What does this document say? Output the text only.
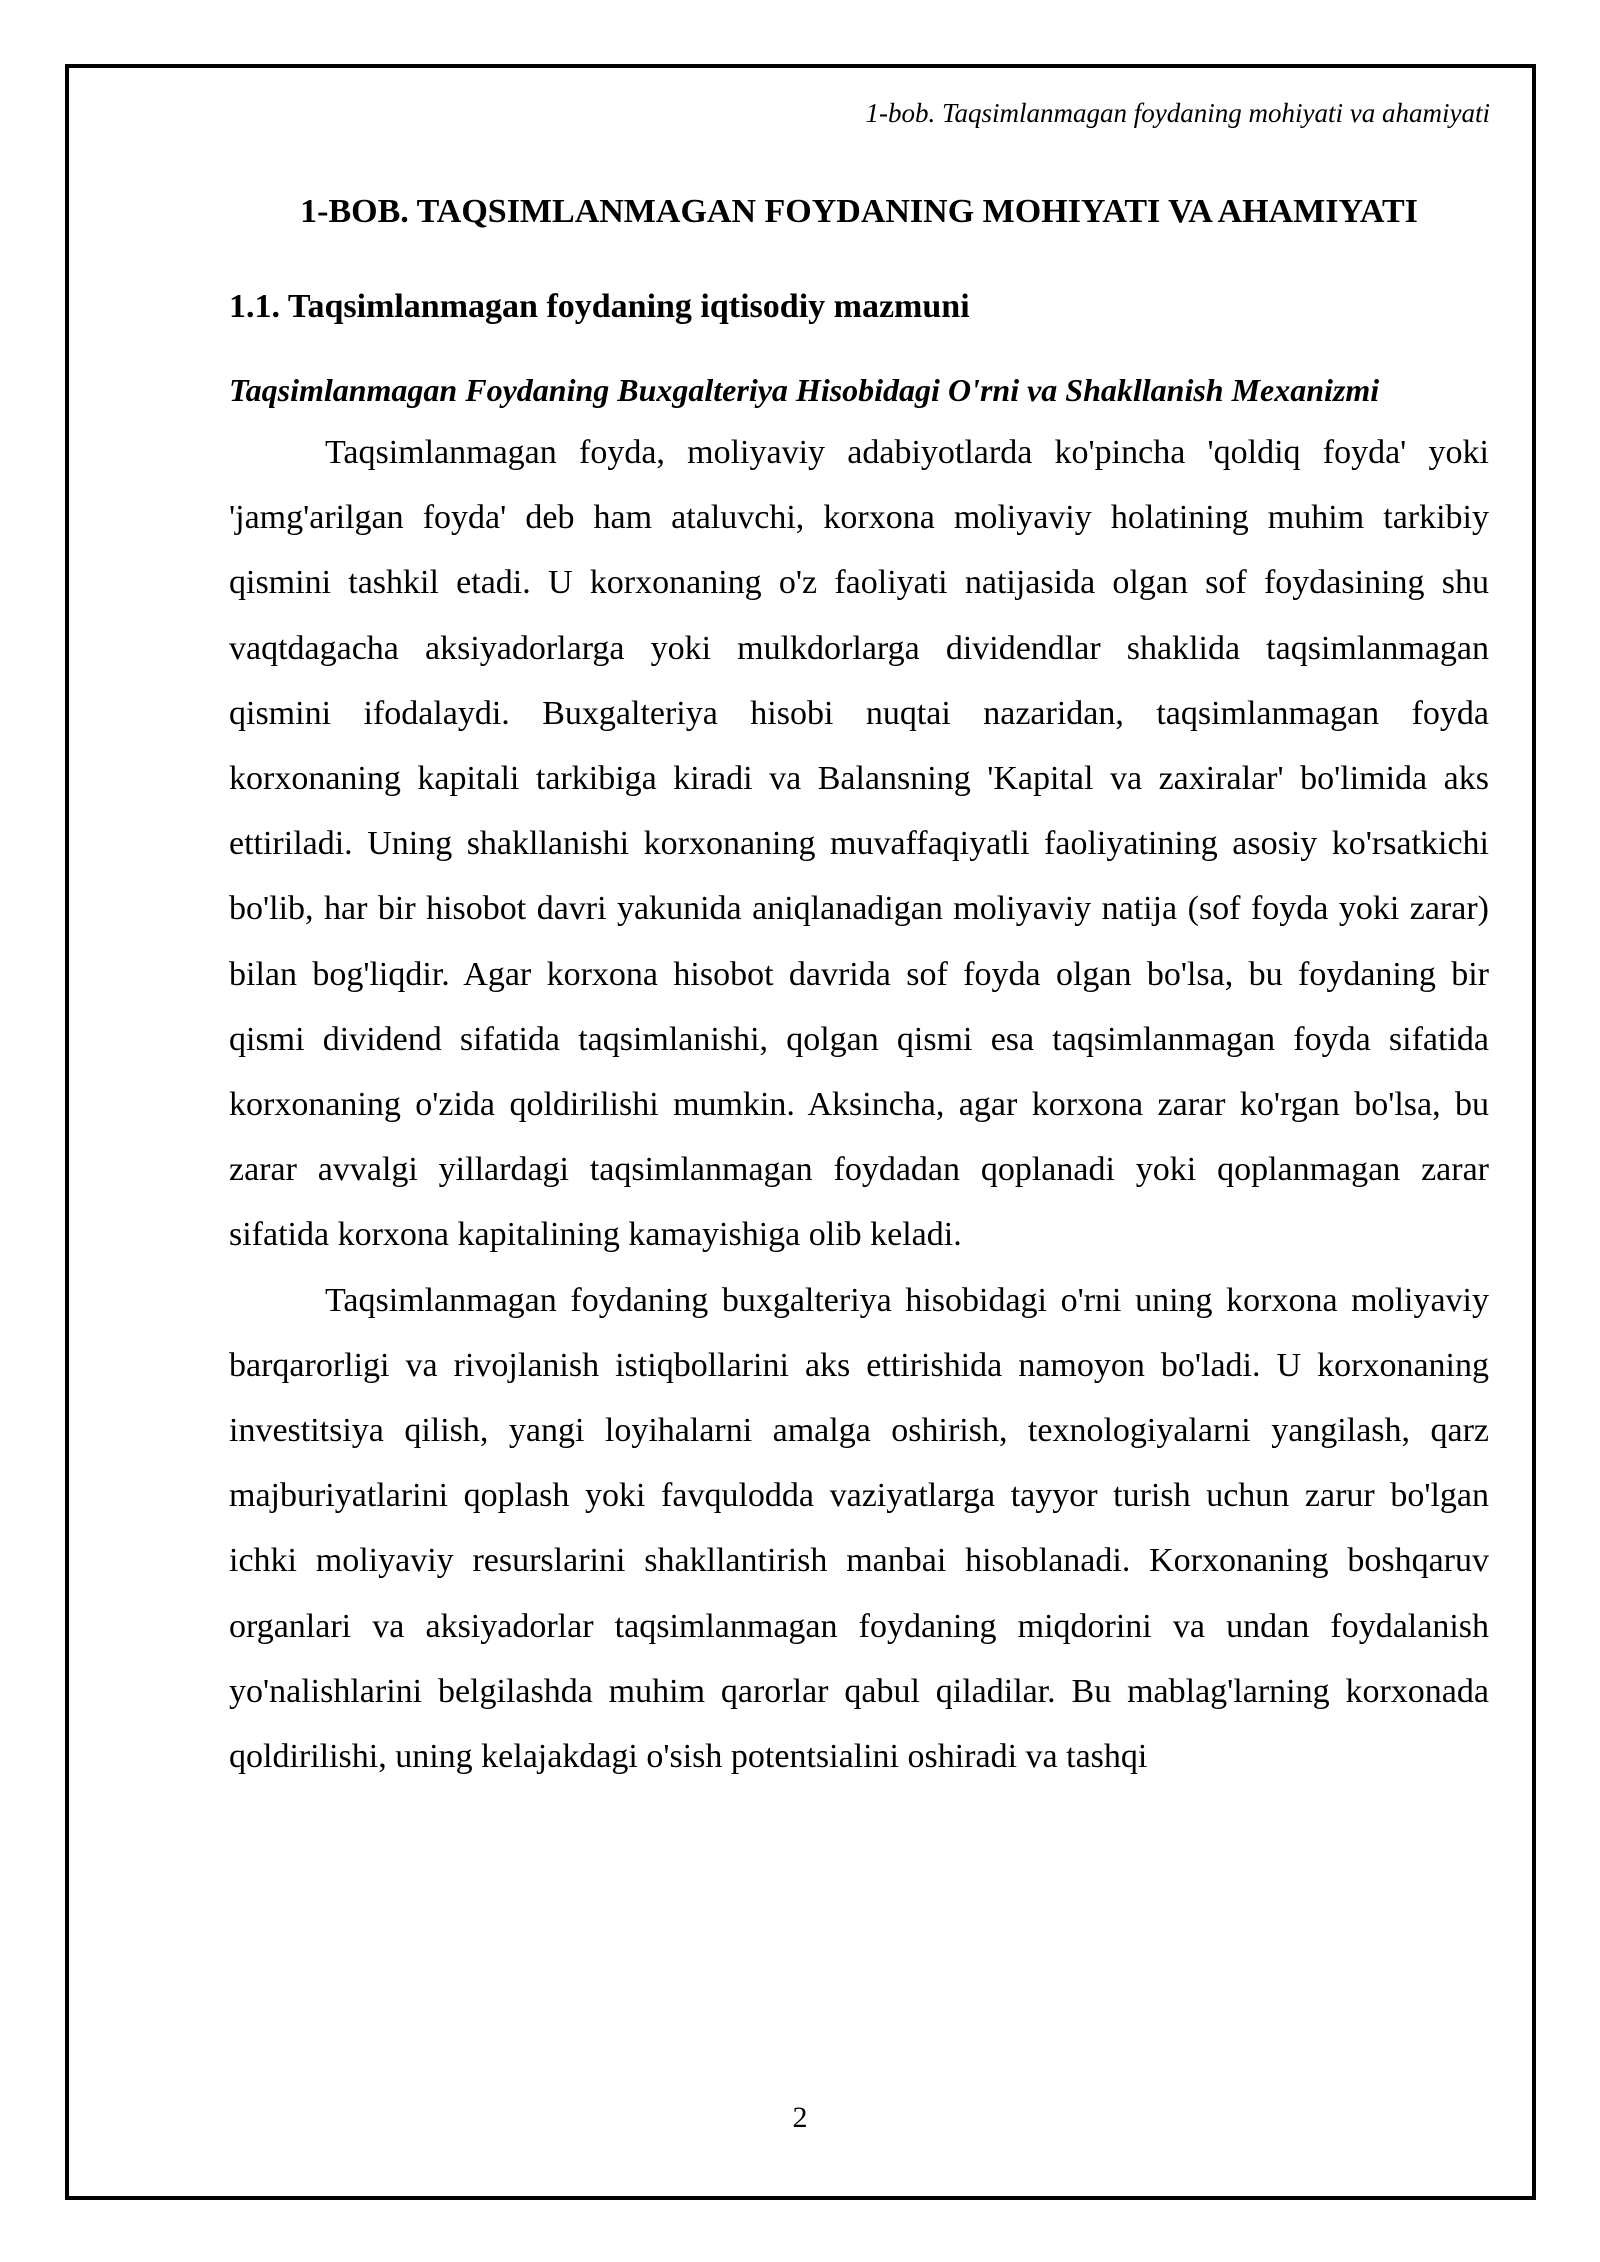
1-bob. Taqsimlanmagan foydaning mohiyati va ahamiyati
1-BOB. TAQSIMLANMAGAN FOYDANING MOHIYATI VA AHAMIYATI
1.1. Taqsimlanmagan foydaning iqtisodiy mazmuni
Taqsimlanmagan Foydaning Buxgalteriya Hisobidagi O'rni va Shakllanish Mexanizmi

Taqsimlanmagan foyda, moliyaviy adabiyotlarda ko'pincha 'qoldiq foyda' yoki 'jamg'arilgan foyda' deb ham ataluvchi, korxona moliyaviy holatining muhim tarkibiy qismini tashkil etadi. U korxonaning o'z faoliyati natijasida olgan sof foydasining shu vaqtdagacha aksiyadorlarga yoki mulkdorlarga dividendlar shaklida taqsimlanmagan qismini ifodalaydi. Buxgalteriya hisobi nuqtai nazaridan, taqsimlanmagan foyda korxonaning kapitali tarkibiga kiradi va Balansning 'Kapital va zaxiralar' bo'limida aks ettiriladi. Uning shakllanishi korxonaning muvaffaqiyatli faoliyatining asosiy ko'rsatkichi bo'lib, har bir hisobot davri yakunida aniqlanadigan moliyaviy natija (sof foyda yoki zarar) bilan bog'liqdir. Agar korxona hisobot davrida sof foyda olgan bo'lsa, bu foydaning bir qismi dividend sifatida taqsimlanishi, qolgan qismi esa taqsimlanmagan foyda sifatida korxonaning o'zida qoldirilishi mumkin. Aksincha, agar korxona zarar ko'rgan bo'lsa, bu zarar avvalgi yillardagi taqsimlanmagan foydadan qoplanadi yoki qoplanmagan zarar sifatida korxona kapitalining kamayishiga olib keladi.

Taqsimlanmagan foydaning buxgalteriya hisobidagi o'rni uning korxona moliyaviy barqarorligi va rivojlanish istiqbollarini aks ettirishida namoyon bo'ladi. U korxonaning investitsiya qilish, yangi loyihalarni amalga oshirish, texnologiyalarni yangilash, qarz majburiyatlarini qoplash yoki favqulodda vaziyatlarga tayyor turish uchun zarur bo'lgan ichki moliyaviy resurslarini shakllantirish manbai hisoblanadi. Korxonaning boshqaruv organlari va aksiyadorlar taqsimlanmagan foydaning miqdorini va undan foydalanish yo'nalishlarini belgilashda muhim qarorlar qabul qiladilar. Bu mablag'larning korxonada qoldirilishi, uning kelajakdagi o'sish potentsialini oshiradi va tashqi

2
